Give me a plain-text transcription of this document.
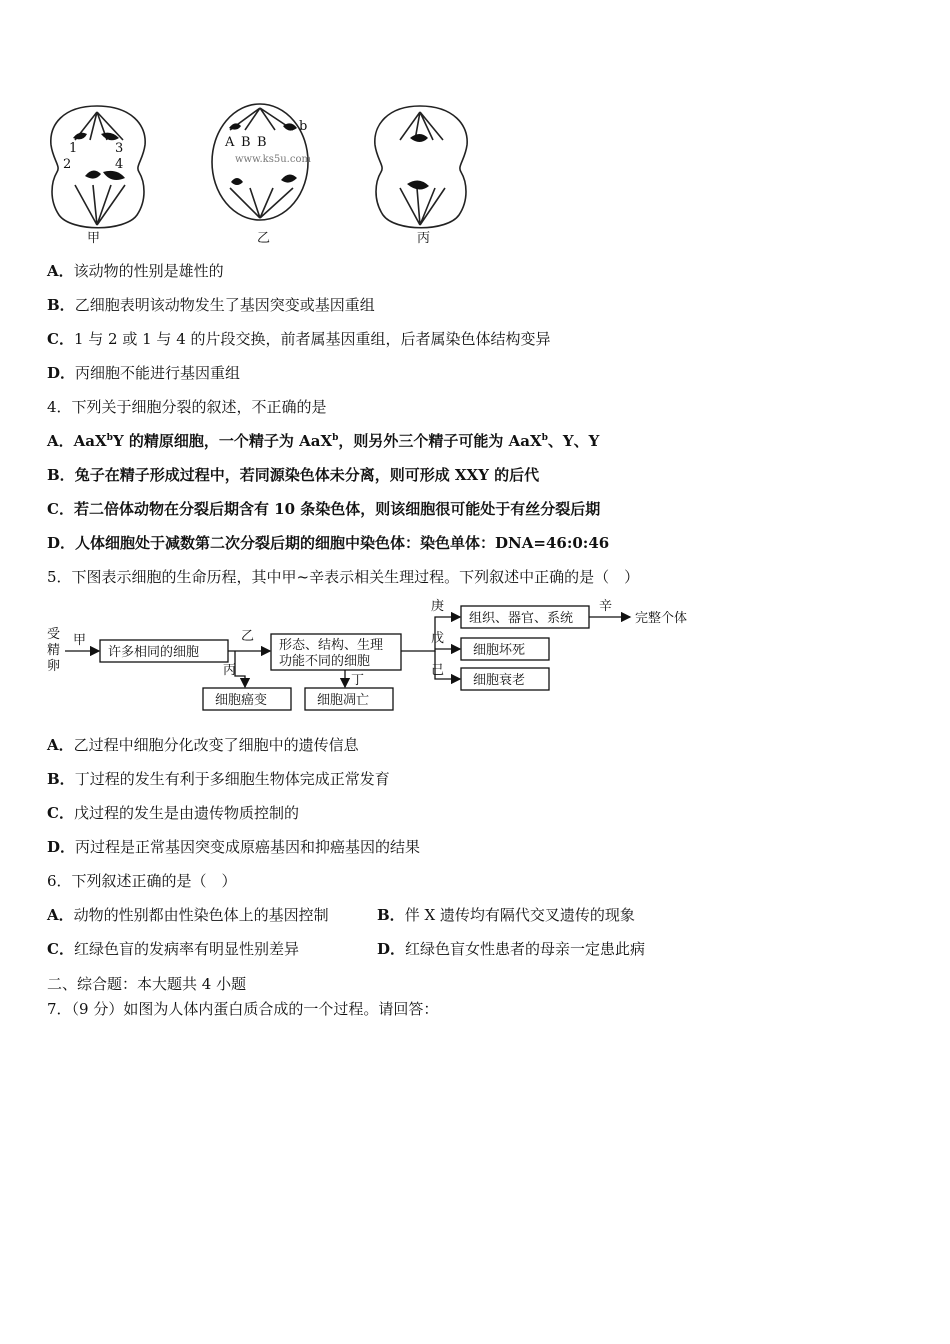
1
2
3
4
A B B
b
www.ks5u.com
甲	乙	丙
A．该动物的性别是雄性的
B．乙细胞表明该动物发生了基因突变或基因重组
C．1 与 2 或 1 与 4 的片段交换，前者属基因重组，后者属染色体结构变异
D．丙细胞不能进行基因重组
4．下列关于细胞分裂的叙述，不正确的是
A．AaX$^b$Y 的精原细胞，一个精子为 AaX$^b$，则另外三个精子可能为 AaX$^b$、Y、Y
B．兔子在精子形成过程中，若同源染色体未分离，则可形成 XXY 的后代
C．若二倍体动物在分裂后期含有 10 条染色体，则该细胞很可能处于有丝分裂后期
D．人体细胞处于减数第二次分裂后期的细胞中染色体：染色单体：DNA=46:0:46
5．下图表示细胞的生命历程，其中甲~辛表示相关生理过程。下列叙述中正确的是（　）
受
精
卵
甲
许多相同的细胞
乙
丙
形态、结构、生理
功能不同的细胞
丁
细胞癌变	细胞凋亡
庚
戊
己
组织、器官、系统
细胞坏死
细胞衰老
辛
完整个体
A．乙过程中细胞分化改变了细胞中的遗传信息
B．丁过程的发生有利于多细胞生物体完成正常发育
C．戊过程的发生是由遗传物质控制的
D．丙过程是正常基因突变成原癌基因和抑癌基因的结果
6．下列叙述正确的是（　）
A．动物的性别都由性染色体上的基因控制	B．伴 X 遗传均有隔代交叉遗传的现象
C．红绿色盲的发病率有明显性别差异	D．红绿色盲女性患者的母亲一定患此病
二、综合题：本大题共 4 小题
7．（9 分）如图为人体内蛋白质合成的一个过程。请回答：
